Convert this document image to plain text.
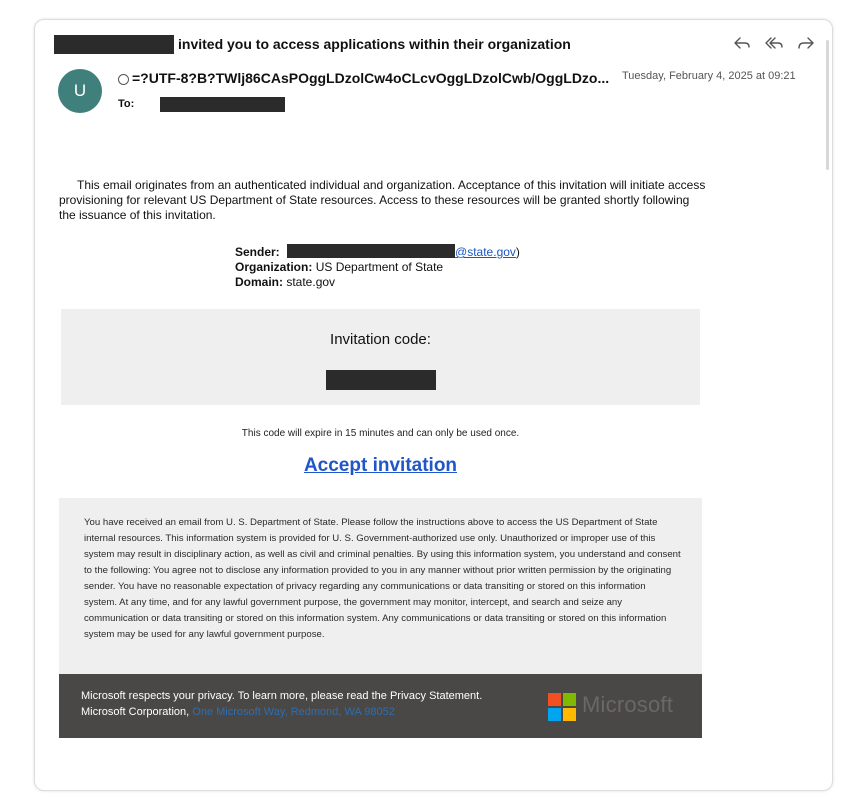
invited you to access applications within their organization
U
=?UTF-8?B?TWlj86CAsPOggLDzolCw4oCLcvOggLDzolCwb/OggLDzo... Tuesday, February 4, 2025 at 09:21
To:
This email originates from an authenticated individual and organization. Acceptance of this invitation will initiate access provisioning for relevant US Department of State resources. Access to these resources will be granted shortly following the issuance of this invitation.
Sender:	@state.gov)
Organization: US Department of State
Domain: state.gov
Invitation code:
This code will expire in 15 minutes and can only be used once.
Accept invitation
You have received an email from U. S. Department of State. Please follow the instructions above to access the US Department of State internal resources. This information system is provided for U. S. Government-authorized use only. Unauthorized or improper use of this system may result in disciplinary action, as well as civil and criminal penalties. By using this information system, you understand and consent to the following: You agree not to disclose any information provided to you in any manner without prior written permission by the originating sender. You have no reasonable expectation of privacy regarding any communications or data transiting or stored on this information system. At any time, and for any lawful government purpose, the government may monitor, intercept, and search and seize any communication or data transiting or stored on this information system. Any communications or data transiting or stored on this information system may be used for any lawful government purpose.
Microsoft respects your privacy. To learn more, please read the Privacy Statement.
Microsoft Corporation, One Microsoft Way, Redmond, WA 98052	Microsoft
